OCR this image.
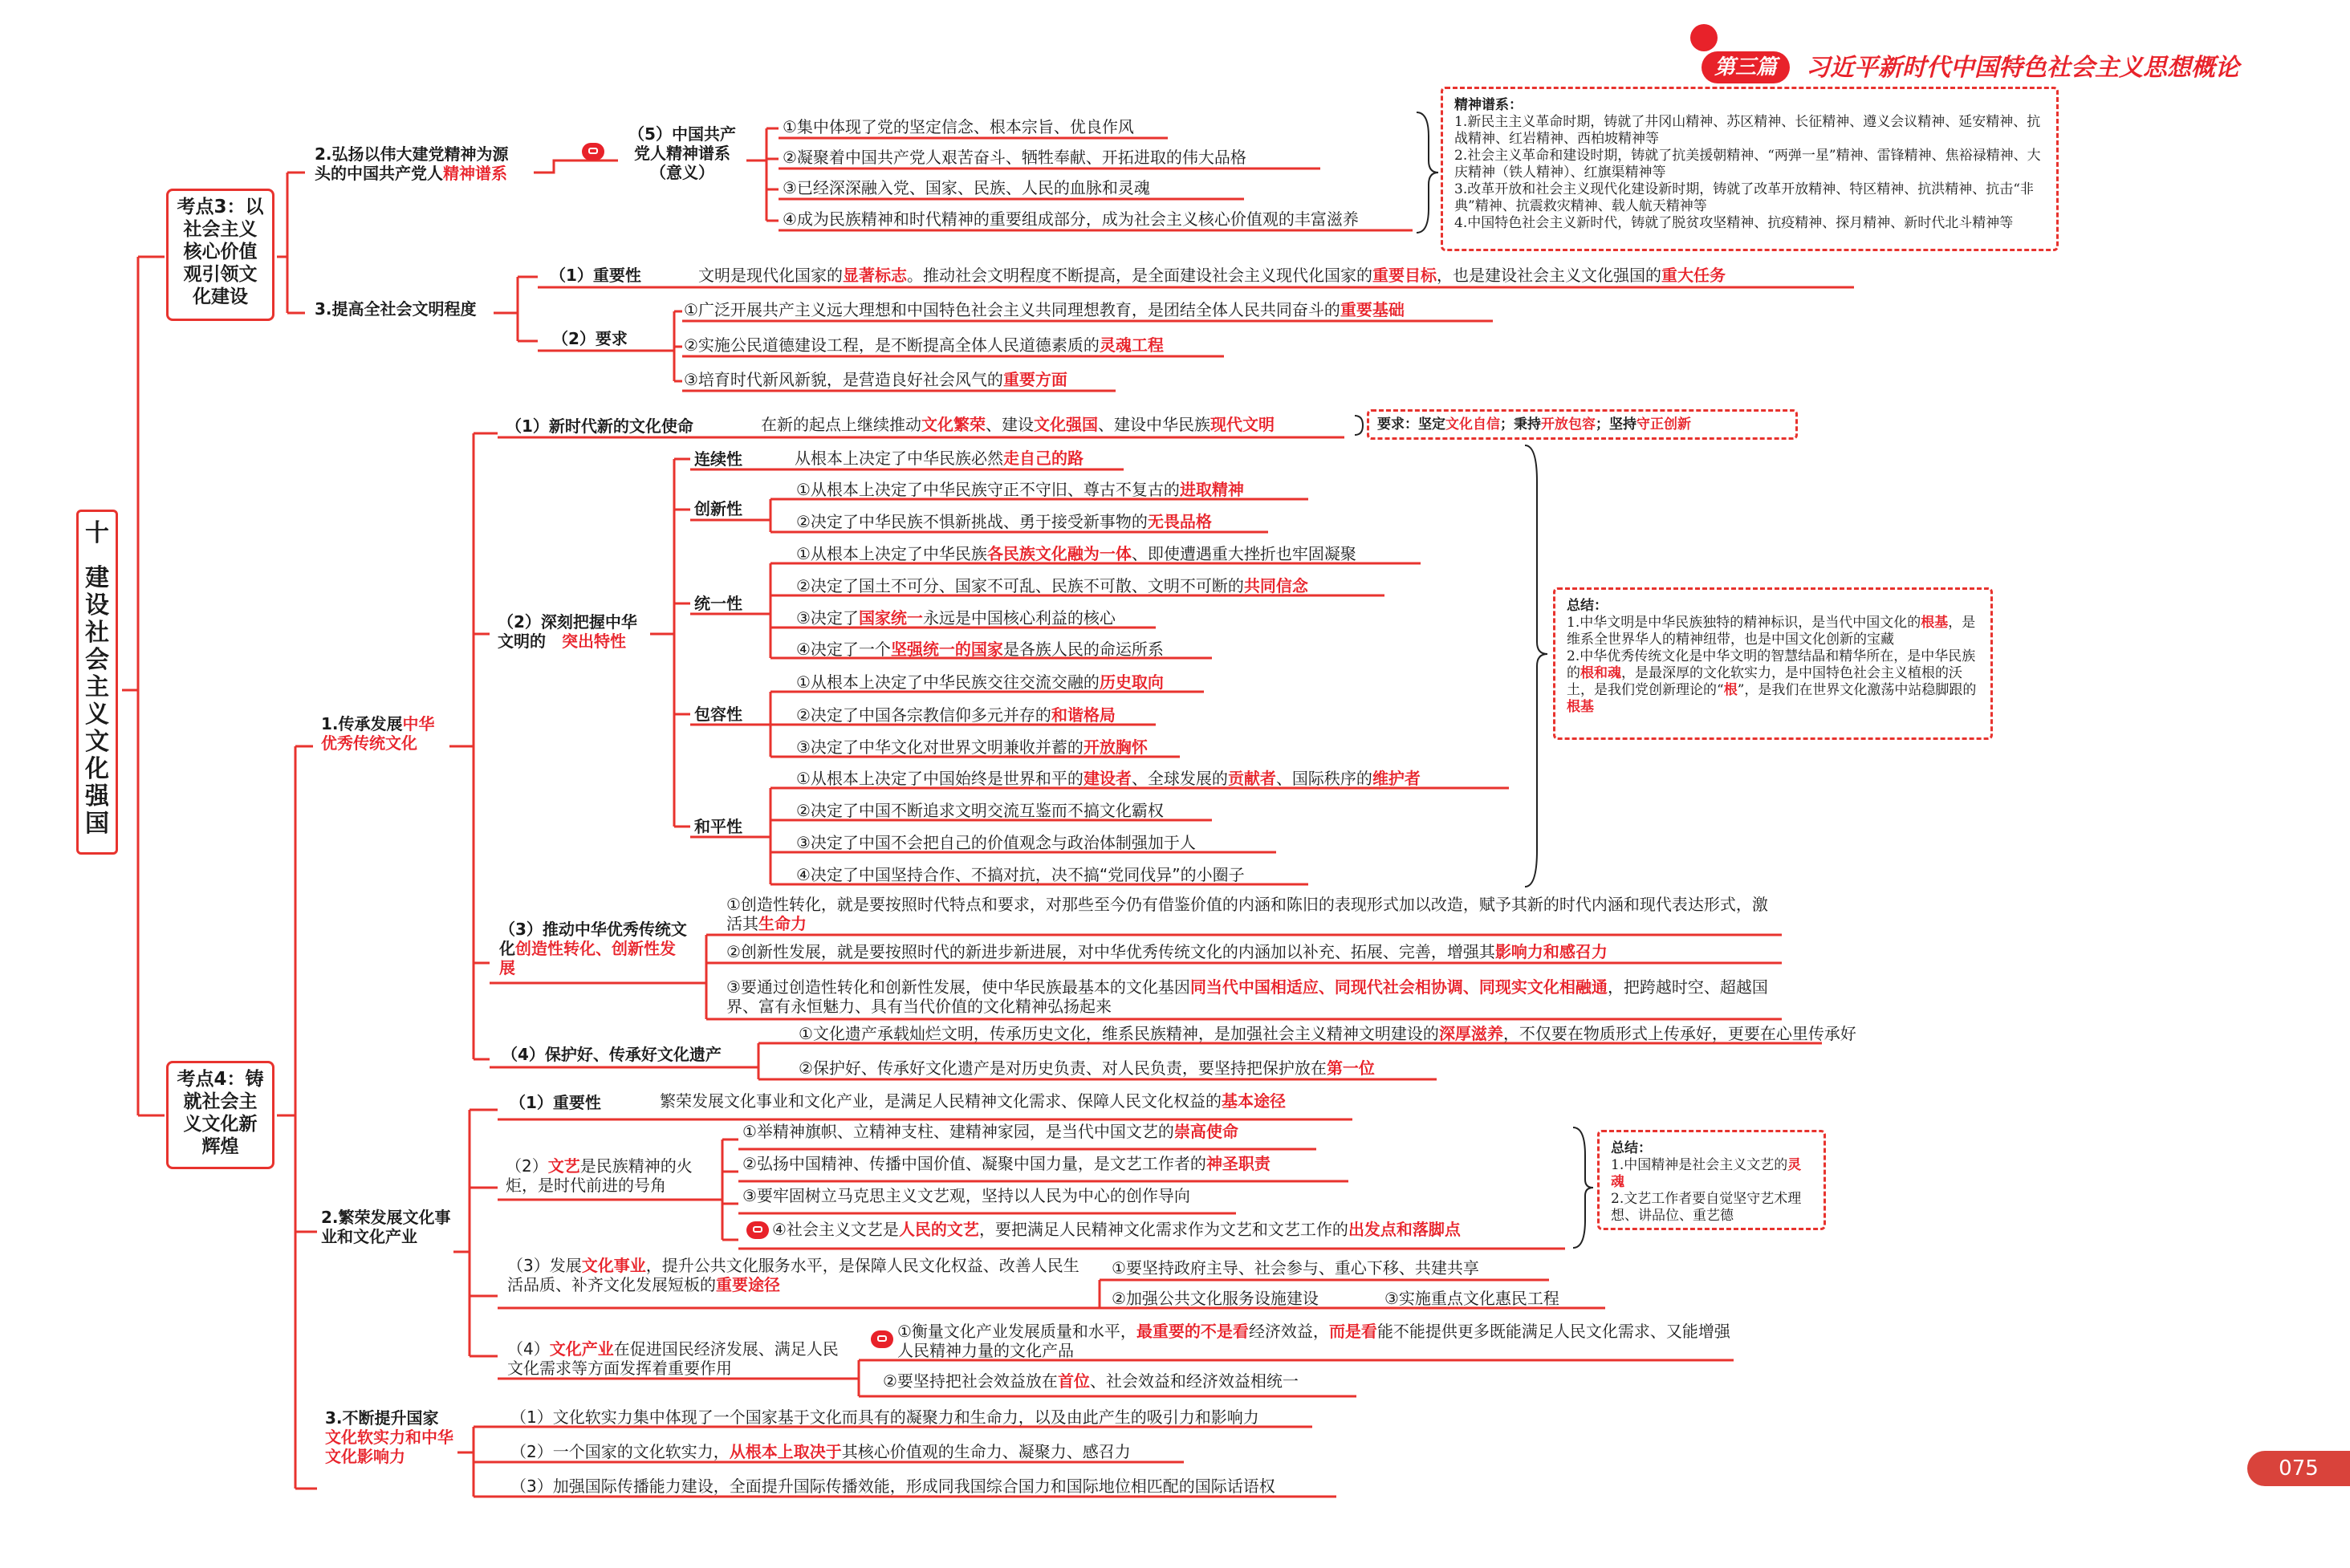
第三篇	习近平新时代中国特色社会主义思想概论
十
建设社会主义文化强国
考点3：以社会主义核心价值观引领文化建设
2.弘扬以伟大建党精神为源
头的中国共产党人精神谱系
（5）中国共产党人精神谱系
（意义）
①集中体现了党的坚定信念、根本宗旨、优良作风
②凝聚着中国共产党人艰苦奋斗、牺牲奉献、开拓进取的伟大品格
③已经深深融入党、国家、民族、人民的血脉和灵魂
④成为民族精神和时代精神的重要组成部分，成为社会主义核心价值观的丰富滋养
精神谱系：
1.新民主主义革命时期，铸就了井冈山精神、苏区精神、长征精神、遵义会议精神、延安精神、抗战精神、红岩精神、西柏坡精神等
2.社会主义革命和建设时期，铸就了抗美援朝精神、“两弹一星”精神、雷锋精神、焦裕禄精神、大庆精神（铁人精神）、红旗渠精神等
3.改革开放和社会主义现代化建设新时期，铸就了改革开放精神、特区精神、抗洪精神、抗击“非典”精神、抗震救灾精神、载人航天精神等
4.中国特色社会主义新时代，铸就了脱贫攻坚精神、抗疫精神、探月精神、新时代北斗精神等
3.提高全社会文明程度
（1）重要性	文明是现代化国家的显著标志。推动社会文明程度不断提高，是全面建设社会主义现代化国家的重要目标，也是建设社会主义文化强国的重大任务
（2）要求
①广泛开展共产主义远大理想和中国特色社会主义共同理想教育，是团结全体人民共同奋斗的重要基础
②实施公民道德建设工程，是不断提高全体人民道德素质的灵魂工程
③培育时代新风新貌，是营造良好社会风气的重要方面
考点4：铸就社会主义文化新辉煌
1.传承发展中华
优秀传统文化
（1）新时代新的文化使命	在新的起点上继续推动文化繁荣、建设文化强国、建设中华民族现代文明	要求：坚定文化自信；秉持开放包容；坚持守正创新
（2）深刻把握中华文明的	突出特性
连续性	从根本上决定了中华民族必然走自己的路
创新性
①从根本上决定了中华民族守正不守旧、尊古不复古的进取精神
②决定了中华民族不惧新挑战、勇于接受新事物的无畏品格
统一性
①从根本上决定了中华民族各民族文化融为一体、即使遭遇重大挫折也牢固凝聚
②决定了国土不可分、国家不可乱、民族不可散、文明不可断的共同信念
③决定了国家统一永远是中国核心利益的核心
④决定了一个坚强统一的国家是各族人民的命运所系
包容性
①从根本上决定了中华民族交往交流交融的历史取向
②决定了中国各宗教信仰多元并存的和谐格局
③决定了中华文化对世界文明兼收并蓄的开放胸怀
和平性
①从根本上决定了中国始终是世界和平的建设者、全球发展的贡献者、国际秩序的维护者
②决定了中国不断追求文明交流互鉴而不搞文化霸权
③决定了中国不会把自己的价值观念与政治体制强加于人
④决定了中国坚持合作、不搞对抗，决不搞“党同伐异”的小圈子
总结：
1.中华文明是中华民族独特的精神标识，是当代中国文化的根基，是维系全世界华人的精神纽带，也是中国文化创新的宝藏
2.中华优秀传统文化是中华文明的智慧结晶和精华所在，是中华民族的根和魂，是最深厚的文化软实力，是中国特色社会主义植根的沃土，是我们党创新理论的“根”，是我们在世界文化激荡中站稳脚跟的根基
（3）推动中华优秀传统文化创造性转化、创新性发展
①创造性转化，就是要按照时代特点和要求，对那些至今仍有借鉴价值的内涵和陈旧的表现形式加以改造，赋予其新的时代内涵和现代表达形式，激活其生命力
②创新性发展，就是要按照时代的新进步新进展，对中华优秀传统文化的内涵加以补充、拓展、完善，增强其影响力和感召力
③要通过创造性转化和创新性发展，使中华民族最基本的文化基因同当代中国相适应、同现代社会相协调、同现实文化相融通，把跨越时空、超越国界、富有永恒魅力、具有当代价值的文化精神弘扬起来
（4）保护好、传承好文化遗产
①文化遗产承载灿烂文明，传承历史文化，维系民族精神，是加强社会主义精神文明建设的深厚滋养，不仅要在物质形式上传承好，更要在心里传承好
②保护好、传承好文化遗产是对历史负责、对人民负责，要坚持把保护放在第一位
2.繁荣发展文化事业和文化产业
（1）重要性	繁荣发展文化事业和文化产业，是满足人民精神文化需求、保障人民文化权益的基本途径
（2）文艺是民族精神的火炬，是时代前进的号角
①举精神旗帜、立精神支柱、建精神家园，是当代中国文艺的崇高使命
②弘扬中国精神、传播中国价值、凝聚中国力量，是文艺工作者的神圣职责
③要牢固树立马克思主义文艺观，坚持以人民为中心的创作导向
④社会主义文艺是人民的文艺，要把满足人民精神文化需求作为文艺和文艺工作的出发点和落脚点
总结：
1.中国精神是社会主义文艺的灵魂
2.文艺工作者要自觉坚守艺术理想、讲品位、重艺德
（3）发展文化事业，提升公共文化服务水平，是保障人民文化权益、改善人民生活品质、补齐文化发展短板的重要途径
①要坚持政府主导、社会参与、重心下移、共建共享
②加强公共文化服务设施建设	③实施重点文化惠民工程
（4）文化产业在促进国民经济发展、满足人民文化需求等方面发挥着重要作用
①衡量文化产业发展质量和水平，最重要的不是看经济效益，而是看能不能提供更多既能满足人民文化需求、又能增强人民精神力量的文化产品
②要坚持把社会效益放在首位、社会效益和经济效益相统一
3.不断提升国家
文化软实力和中华文化影响力
（1）文化软实力集中体现了一个国家基于文化而具有的凝聚力和生命力，以及由此产生的吸引力和影响力
（2）一个国家的文化软实力，从根本上取决于其核心价值观的生命力、凝聚力、感召力
（3）加强国际传播能力建设，全面提升国际传播效能，形成同我国综合国力和国际地位相匹配的国际话语权
075
